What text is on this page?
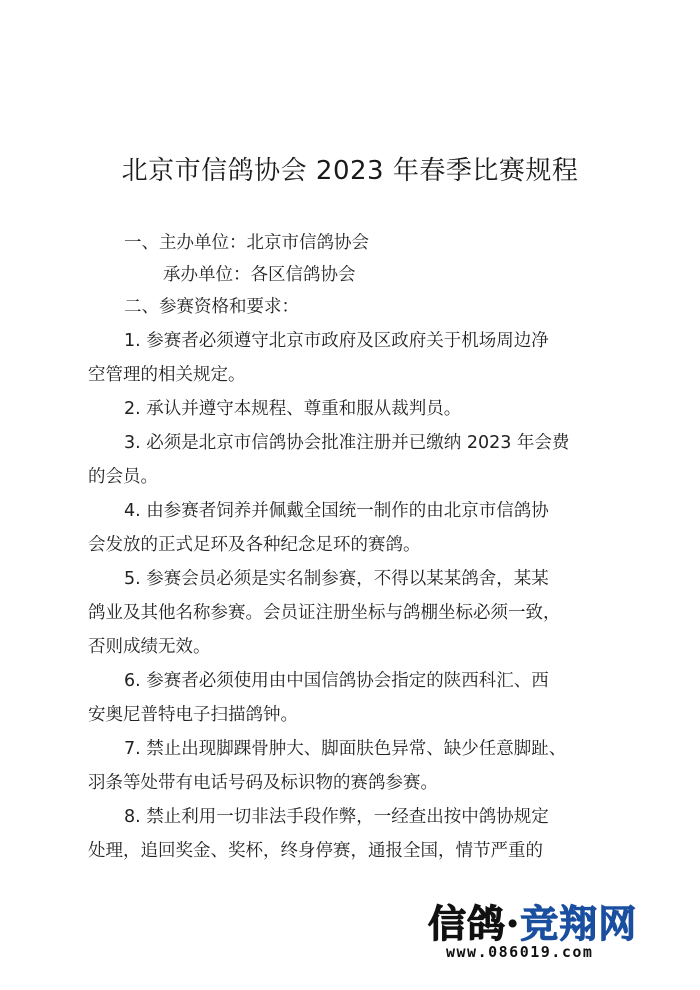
北京市信鸽协会 2023 年春季比赛规程
一、主办单位：北京市信鸽协会
承办单位：各区信鸽协会
二、参赛资格和要求：
1. 参赛者必须遵守北京市政府及区政府关于机场周边净
空管理的相关规定。
2. 承认并遵守本规程、尊重和服从裁判员。
3. 必须是北京市信鸽协会批准注册并已缴纳 2023 年会费
的会员。
4. 由参赛者饲养并佩戴全国统一制作的由北京市信鸽协
会发放的正式足环及各种纪念足环的赛鸽。
5. 参赛会员必须是实名制参赛，不得以某某鸽舍，某某
鸽业及其他名称参赛。会员证注册坐标与鸽棚坐标必须一致，
否则成绩无效。
6. 参赛者必须使用由中国信鸽协会指定的陕西科汇、西
安奥尼普特电子扫描鸽钟。
7. 禁止出现脚踝骨肿大、脚面肤色异常、缺少任意脚趾、
羽条等处带有电话号码及标识物的赛鸽参赛。
8. 禁止利用一切非法手段作弊，一经查出按中鸽协规定
处理，追回奖金、奖杯，终身停赛，通报全国，情节严重的
信鸽·竞翔网
www.086019.com
